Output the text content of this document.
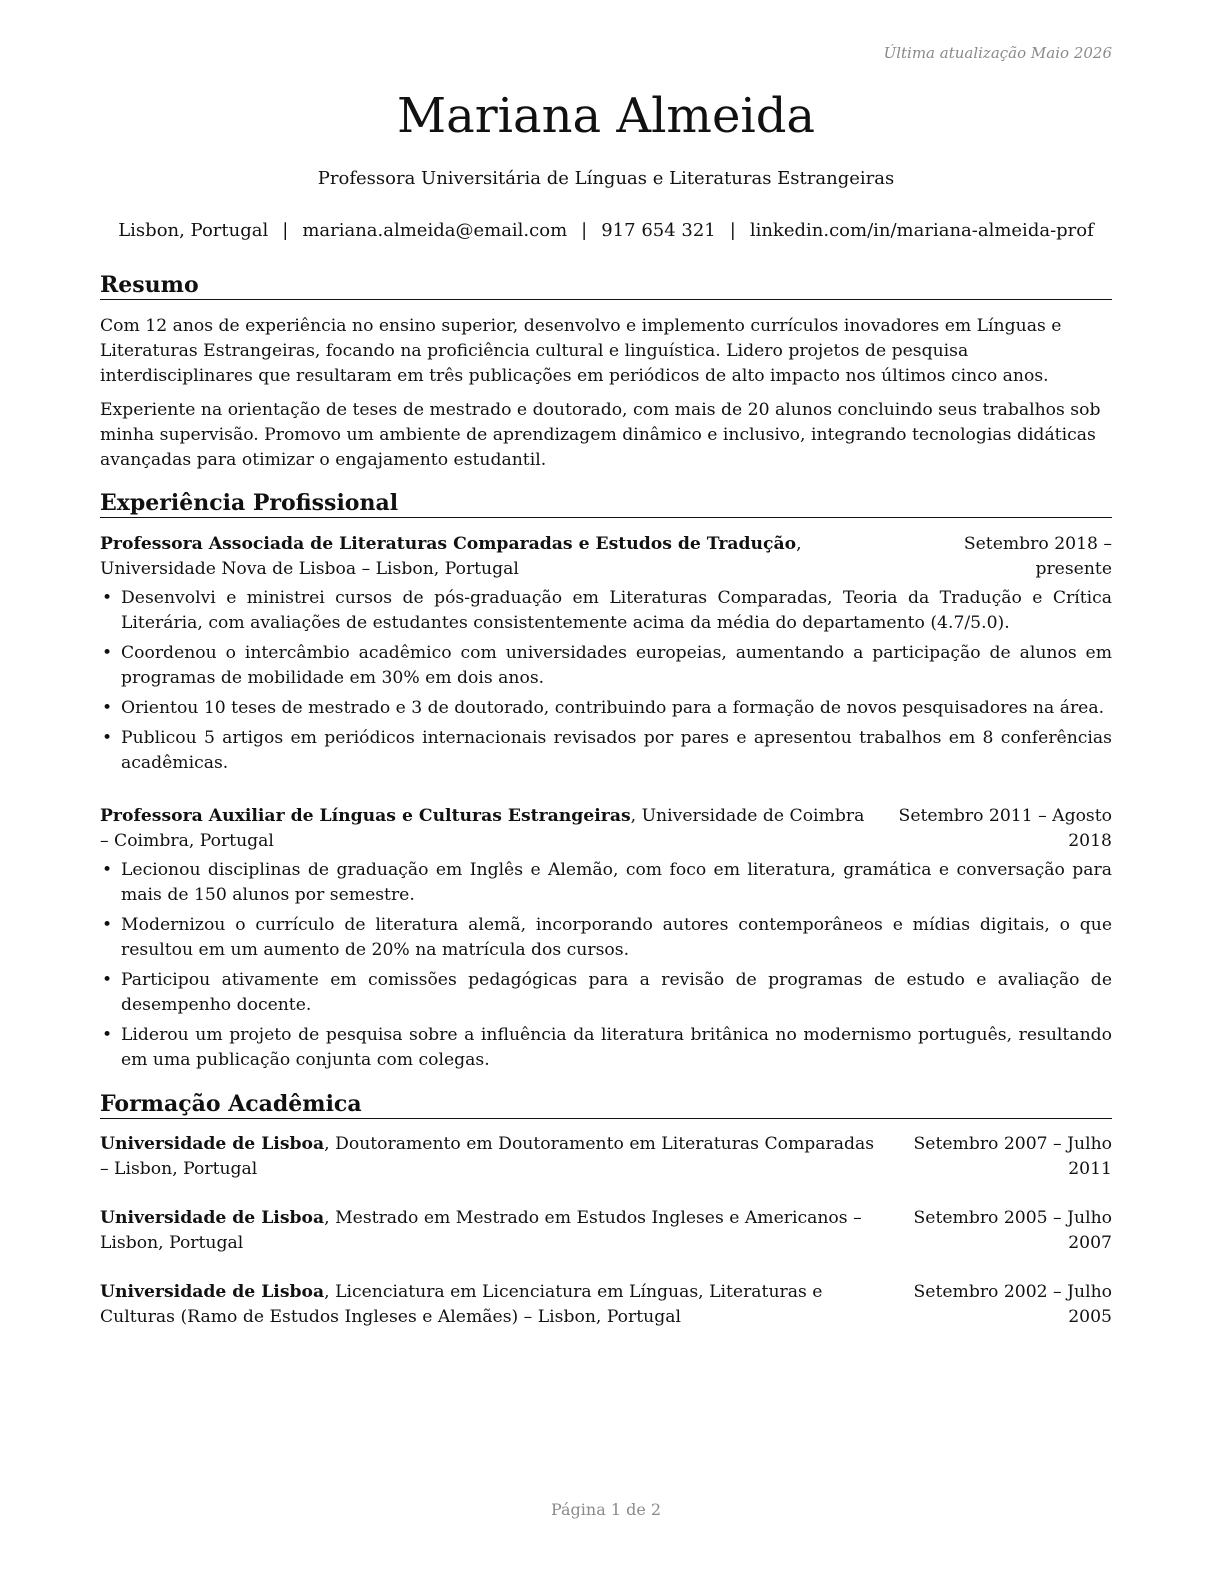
Última atualização Maio 2026
Mariana Almeida
Professora Universitária de Línguas e Literaturas Estrangeiras
Lisbon, Portugal | mariana.almeida@email.com | 917 654 321 | linkedin.com/in/mariana-almeida-prof
Resumo

Com 12 anos de experiência no ensino superior, desenvolvo e implemento currículos inovadores em Línguas e Literaturas Estrangeiras, focando na proficiência cultural e linguística. Lidero projetos de pesquisa interdisciplinares que resultaram em três publicações em periódicos de alto impacto nos últimos cinco anos.

Experiente na orientação de teses de mestrado e doutorado, com mais de 20 alunos concluindo seus trabalhos sob minha supervisão. Promovo um ambiente de aprendizagem dinâmico e inclusivo, integrando tecnologias didáticas avançadas para otimizar o engajamento estudantil.

Experiência Profissional
Professora Associada de Literaturas Comparadas e Estudos de Tradução, Universidade Nova de Lisboa – Lisbon, Portugal
Setembro 2018 – presente
• Desenvolvi e ministrei cursos de pós-graduação em Literaturas Comparadas, Teoria da Tradução e Crítica Literária, com avaliações de estudantes consistentemente acima da média do departamento (4.7/5.0).
• Coordenou o intercâmbio acadêmico com universidades europeias, aumentando a participação de alunos em programas de mobilidade em 30% em dois anos.
• Orientou 10 teses de mestrado e 3 de doutorado, contribuindo para a formação de novos pesquisadores na área.
• Publicou 5 artigos em periódicos internacionais revisados por pares e apresentou trabalhos em 8 conferências acadêmicas.
Professora Auxiliar de Línguas e Culturas Estrangeiras, Universidade de Coimbra – Coimbra, Portugal
Setembro 2011 – Agosto 2018
• Lecionou disciplinas de graduação em Inglês e Alemão, com foco em literatura, gramática e conversação para mais de 150 alunos por semestre.
• Modernizou o currículo de literatura alemã, incorporando autores contemporâneos e mídias digitais, o que resultou em um aumento de 20% na matrícula dos cursos.
• Participou ativamente em comissões pedagógicas para a revisão de programas de estudo e avaliação de desempenho docente.
• Liderou um projeto de pesquisa sobre a influência da literatura britânica no modernismo português, resultando em uma publicação conjunta com colegas.
Formação Acadêmica
Universidade de Lisboa, Doutoramento em Doutoramento em Literaturas Comparadas – Lisbon, Portugal
Setembro 2007 – Julho 2011
Universidade de Lisboa, Mestrado em Mestrado em Estudos Ingleses e Americanos – Lisbon, Portugal
Setembro 2005 – Julho 2007
Universidade de Lisboa, Licenciatura em Licenciatura em Línguas, Literaturas e Culturas (Ramo de Estudos Ingleses e Alemães) – Lisbon, Portugal
Setembro 2002 – Julho 2005
Página 1 de 2
